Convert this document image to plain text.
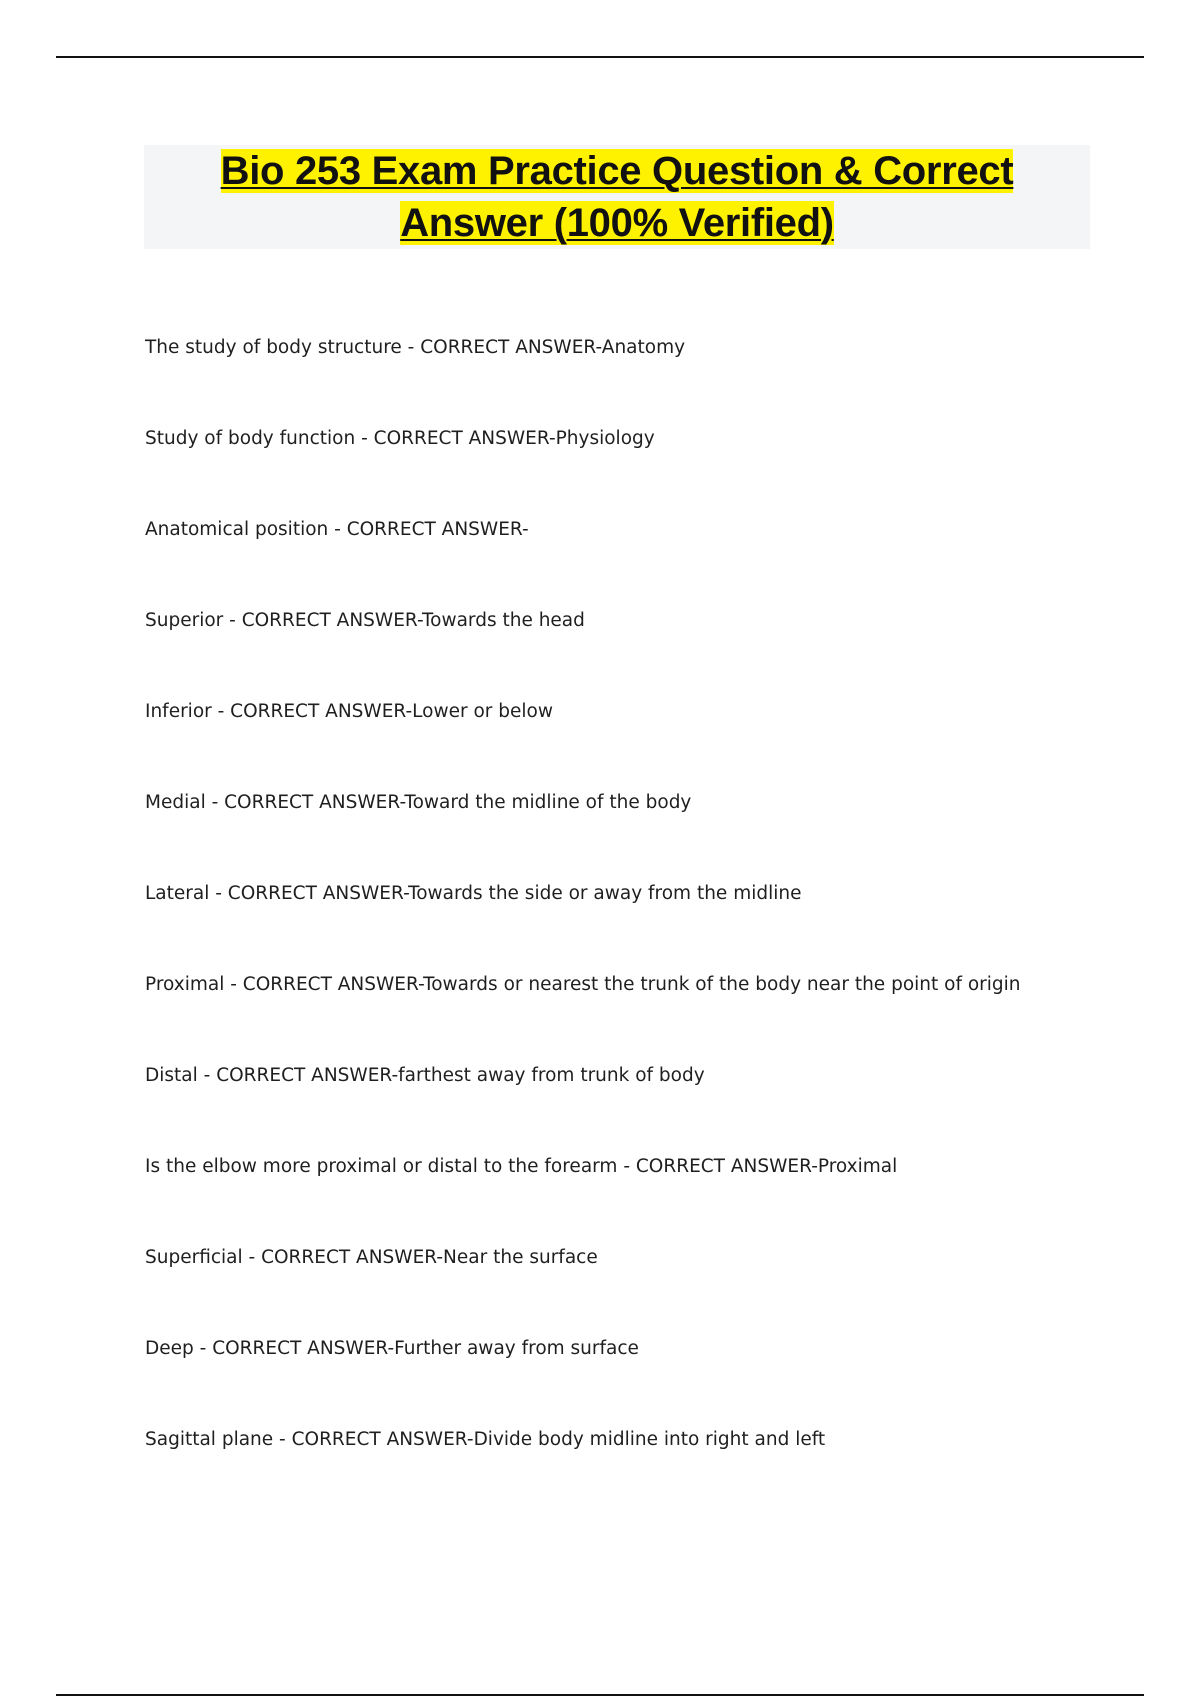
Bio 253 Exam Practice Question & Correct
Answer (100% Verified)
The study of body structure - CORRECT ANSWER-Anatomy
Study of body function - CORRECT ANSWER-Physiology
Anatomical position - CORRECT ANSWER-
Superior - CORRECT ANSWER-Towards the head
Inferior - CORRECT ANSWER-Lower or below
Medial - CORRECT ANSWER-Toward the midline of the body
Lateral - CORRECT ANSWER-Towards the side or away from the midline
Proximal - CORRECT ANSWER-Towards or nearest the trunk of the body near the point of origin
Distal - CORRECT ANSWER-farthest away from trunk of body
Is the elbow more proximal or distal to the forearm - CORRECT ANSWER-Proximal
Superficial - CORRECT ANSWER-Near the surface
Deep - CORRECT ANSWER-Further away from surface
Sagittal plane - CORRECT ANSWER-Divide body midline into right and left
